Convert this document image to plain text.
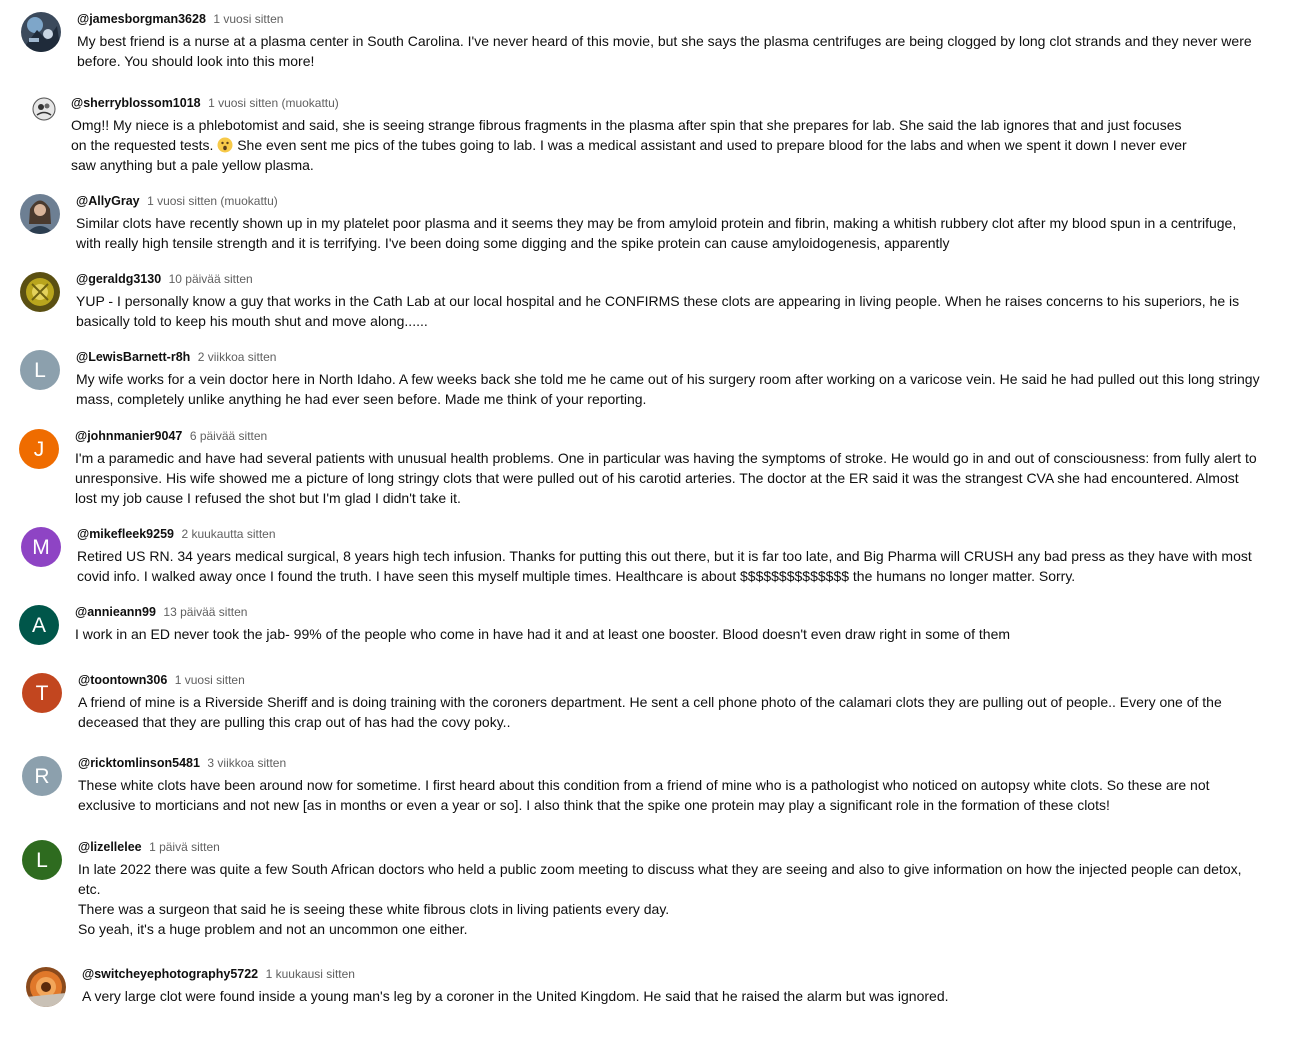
@jamesborgman3628 1 vuosi sitten

My best friend is a nurse at a plasma center in South Carolina. I've never heard of this movie, but she says the plasma centrifuges are being clogged by long clot strands and they never were before. You should look into this more!

@sherryblossom1018 1 vuosi sitten (muokattu)

Omg!! My niece is a phlebotomist and said, she is seeing strange fibrous fragments in the plasma after spin that she prepares for lab. She said the lab ignores that and just focuses on the requested tests.  She even sent me pics of the tubes going to lab. I was a medical assistant and used to prepare blood for the labs and when we spent it down I never ever saw anything but a pale yellow plasma.

@AllyGray 1 vuosi sitten (muokattu)

Similar clots have recently shown up in my platelet poor plasma and it seems they may be from amyloid protein and fibrin, making a whitish rubbery clot after my blood spun in a centrifuge, with really high tensile strength and it is terrifying. I've been doing some digging and the spike protein can cause amyloidogenesis, apparently

@geraldg3130 10 päivää sitten

YUP - I personally know a guy that works in the Cath Lab at our local hospital and he CONFIRMS these clots are appearing in living people. When he raises concerns to his superiors, he is basically told to keep his mouth shut and move along......

L
@LewisBarnett-r8h 2 viikkoa sitten

My wife works for a vein doctor here in North Idaho. A few weeks back she told me he came out of his surgery room after working on a varicose vein. He said he had pulled out this long stringy mass, completely unlike anything he had ever seen before. Made me think of your reporting.

J
@johnmanier9047 6 päivää sitten

I'm a paramedic and have had several patients with unusual health problems. One in particular was having the symptoms of stroke. He would go in and out of consciousness: from fully alert to unresponsive. His wife showed me a picture of long stringy clots that were pulled out of his carotid arteries. The doctor at the ER said it was the strangest CVA she had encountered. Almost lost my job cause I refused the shot but I'm glad I didn't take it.

M
@mikefleek9259 2 kuukautta sitten

Retired US RN. 34 years medical surgical, 8 years high tech infusion. Thanks for putting this out there, but it is far too late, and Big Pharma will CRUSH any bad press as they have with most covid info. I walked away once I found the truth. I have seen this myself multiple times. Healthcare is about $$$$$$$$$$$$$$ the humans no longer matter. Sorry.

A
@annieann99 13 päivää sitten

I work in an ED never took the jab- 99% of the people who come in have had it and at least one booster. Blood doesn't even draw right in some of them

T
@toontown306 1 vuosi sitten

A friend of mine is a Riverside Sheriff and is doing training with the coroners department. He sent a cell phone photo of the calamari clots they are pulling out of people.. Every one of the deceased that they are pulling this crap out of has had the covy poky..

R
@ricktomlinson5481 3 viikkoa sitten

These white clots have been around now for sometime. I first heard about this condition from a friend of mine who is a pathologist who noticed on autopsy white clots. So these are not exclusive to morticians and not new [as in months or even a year or so]. I also think that the spike one protein may play a significant role in the formation of these clots!

L
@lizellelee 1 päivä sitten

In late 2022 there was quite a few South African doctors who held a public zoom meeting to discuss what they are seeing and also to give information on how the injected people can detox, etc.

There was a surgeon that said he is seeing these white fibrous clots in living patients every day.

So yeah, it's a huge problem and not an uncommon one either.

@switcheyephotography5722 1 kuukausi sitten

A very large clot were found inside a young man's leg by a coroner in the United Kingdom. He said that he raised the alarm but was ignored.
